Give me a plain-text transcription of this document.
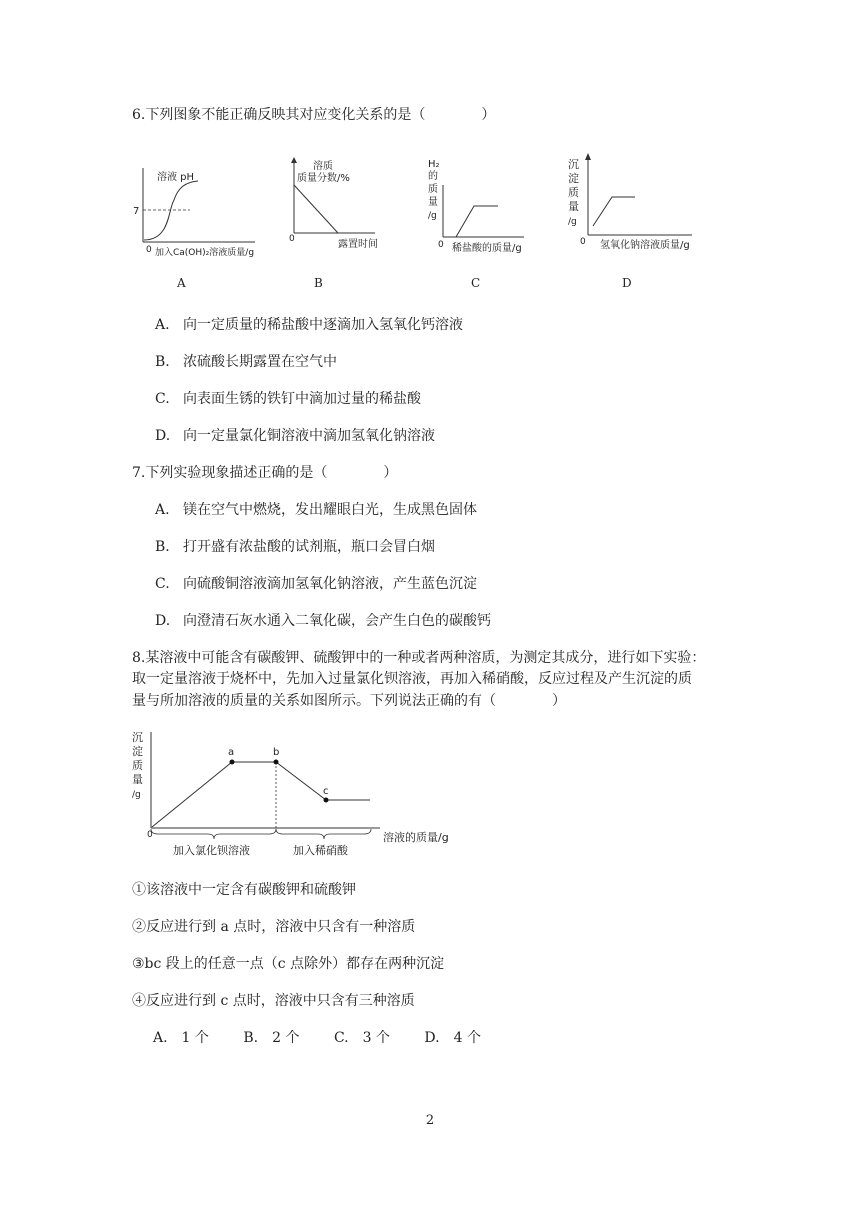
6.下列图象不能正确反映其对应变化关系的是（　　　　）
溶液 pH
7
0 加入Ca(OH)₂溶液质量/g
A
溶质
质量分数/%
0	露置时间
B
H₂
的
质
量
/g
0 稀盐酸的质量/g
C
沉
淀
质
量
/g
0 氢氧化钠溶液质量/g
D
A. 向一定质量的稀盐酸中逐滴加入氢氧化钙溶液
B. 浓硫酸长期露置在空气中
C. 向表面生锈的铁钉中滴加过量的稀盐酸
D. 向一定量氯化铜溶液中滴加氢氧化钠溶液
7.下列实验现象描述正确的是（　　　　）
A. 镁在空气中燃烧，发出耀眼白光，生成黑色固体
B. 打开盛有浓盐酸的试剂瓶，瓶口会冒白烟
C. 向硫酸铜溶液滴加氢氧化钠溶液，产生蓝色沉淀
D. 向澄清石灰水通入二氧化碳，会产生白色的碳酸钙
8.某溶液中可能含有碳酸钾、硫酸钾中的一种或者两种溶质，为测定其成分，进行如下实验：
取一定量溶液于烧杯中，先加入过量氯化钡溶液，再加入稀硝酸，反应过程及产生沉淀的质
量与所加溶液的质量的关系如图所示。下列说法正确的有（　　　　）
沉
淀
质
量
/g
0
a	b
c
溶液的质量/g
加入氯化钡溶液	加入稀硝酸
①该溶液中一定含有碳酸钾和硫酸钾
②反应进行到 a 点时，溶液中只含有一种溶质
③bc 段上的任意一点（c 点除外）都存在两种沉淀
④反应进行到 c 点时，溶液中只含有三种溶质
A.　1 个 B.　2 个 C.　3 个 D.　4 个
2
